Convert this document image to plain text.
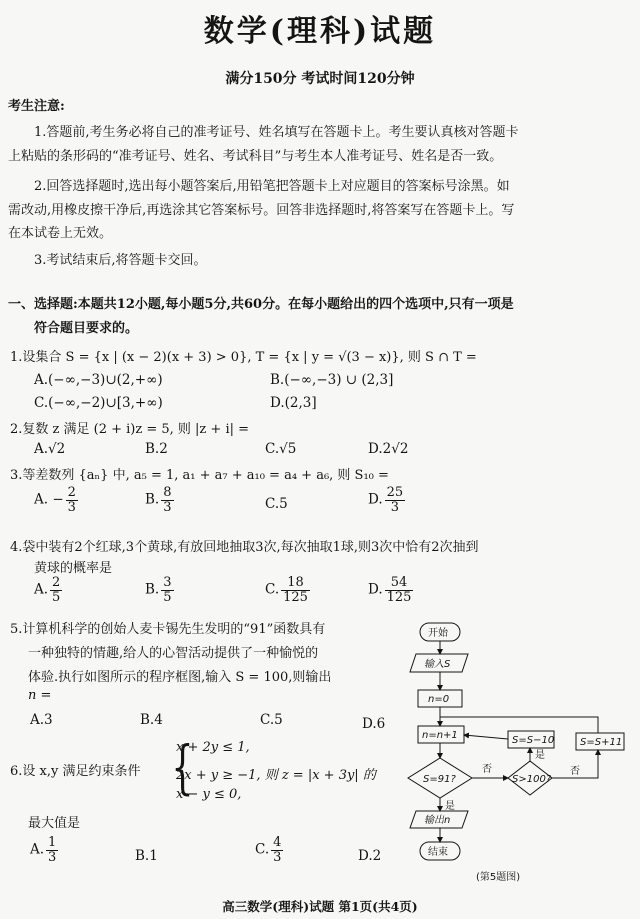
数学(理科)试题
满分150分 考试时间120分钟
考生注意:
1.答题前,考生务必将自己的准考证号、姓名填写在答题卡上。考生要认真核对答题卡
上粘贴的条形码的“准考证号、姓名、考试科目”与考生本人准考证号、姓名是否一致。
2.回答选择题时,选出每小题答案后,用铅笔把答题卡上对应题目的答案标号涂黑。如
需改动,用橡皮擦干净后,再选涂其它答案标号。回答非选择题时,将答案写在答题卡上。写
在本试卷上无效。
3.考试结束后,将答题卡交回。
一、选择题:本题共12小题,每小题5分,共60分。在每小题给出的四个选项中,只有一项是
符合题目要求的。
1.设集合 S = {x | (x − 2)(x + 3) > 0}, T = {x | y = √(3 − x)}, 则 S ∩ T =
A.(−∞,−3)∪(2,+∞)	B.(−∞,−3) ∪ (2,3]
C.(−∞,−2)∪[3,+∞)	D.(2,3]
2.复数 z 满足 (2 + i)z = 5, 则 |z + i| =
A.√2	B.2	C.√5	D.2√2
3.等差数列 {aₙ} 中, a₅ = 1, a₁ + a₇ + a₁₀ = a₄ + a₆, 则 S₁₀ =
A. − $\frac{2}{3}$	B. $\frac{8}{3}$	C.5	D. $\frac{25}{3}$
4.袋中装有2个红球,3个黄球,有放回地抽取3次,每次抽取1球,则3次中恰有2次抽到
黄球的概率是
A. $\frac{2}{5}$	B. $\frac{3}{5}$	C. $\frac{18}{125}$	D. $\frac{54}{125}$
5.计算机科学的创始人麦卡锡先生发明的“91”函数具有
一种独特的情趣,给人的心智活动提供了一种愉悦的
体验.执行如图所示的程序框图,输入 S = 100,则输出
n =
A.3	B.4	C.5	D.6
6.设 x,y 满足约束条件 {
x + 2y ≤ 1,
2x + y ≥ −1, 则 z = |x + 3y| 的
x − y ≤ 0,
最大值是
A. $\frac{1}{3}$	B.1	C. $\frac{4}{3}$	D.2
开始
输入S
n=0
n=n+1
S=91?
是
否
S>100?
是
否
S=S−10	S=S+11
输出n
结束
(第5题图)
高三数学(理科)试题 第1页(共4页)
